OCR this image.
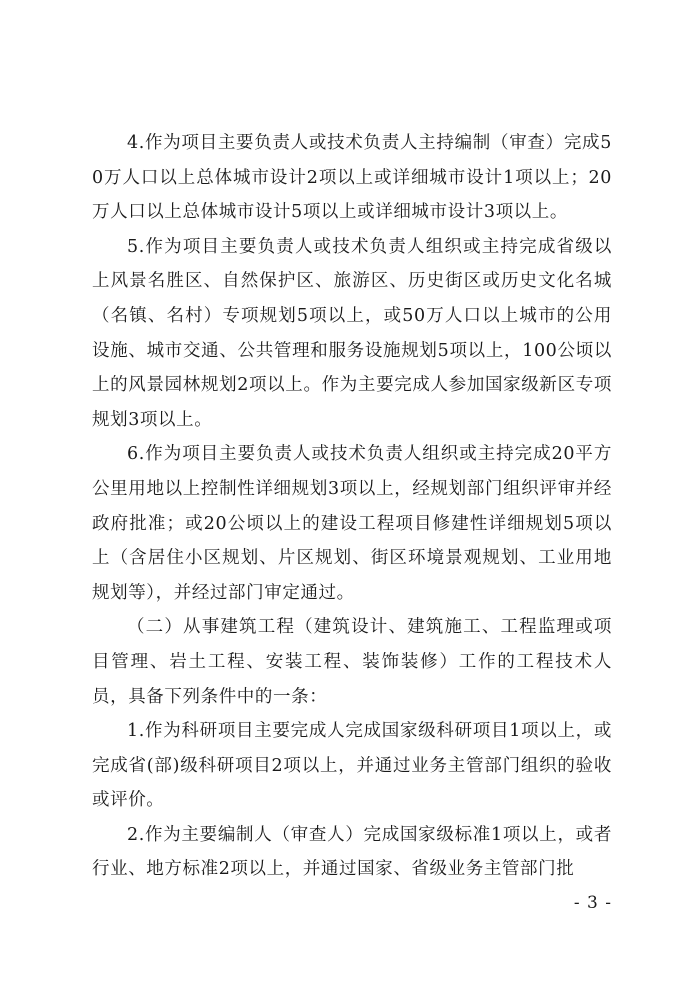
4.作为项目主要负责人或技术负责人主持编制（审查）完成50万人口以上总体城市设计2项以上或详细城市设计1项以上；20万人口以上总体城市设计5项以上或详细城市设计3项以上。

5.作为项目主要负责人或技术负责人组织或主持完成省级以上风景名胜区、自然保护区、旅游区、历史街区或历史文化名城（名镇、名村）专项规划5项以上，或50万人口以上城市的公用设施、城市交通、公共管理和服务设施规划5项以上，100公顷以上的风景园林规划2项以上。作为主要完成人参加国家级新区专项规划3项以上。

6.作为项目主要负责人或技术负责人组织或主持完成20平方公里用地以上控制性详细规划3项以上，经规划部门组织评审并经政府批准；或20公顷以上的建设工程项目修建性详细规划5项以上（含居住小区规划、片区规划、街区环境景观规划、工业用地规划等），并经过部门审定通过。

（二）从事建筑工程（建筑设计、建筑施工、工程监理或项目管理、岩土工程、安装工程、装饰装修）工作的工程技术人员，具备下列条件中的一条：

1.作为科研项目主要完成人完成国家级科研项目1项以上，或完成省(部)级科研项目2项以上，并通过业务主管部门组织的验收或评价。

2.作为主要编制人（审查人）完成国家级标准1项以上，或者行业、地方标准2项以上，并通过国家、省级业务主管部门批

- 3 -
